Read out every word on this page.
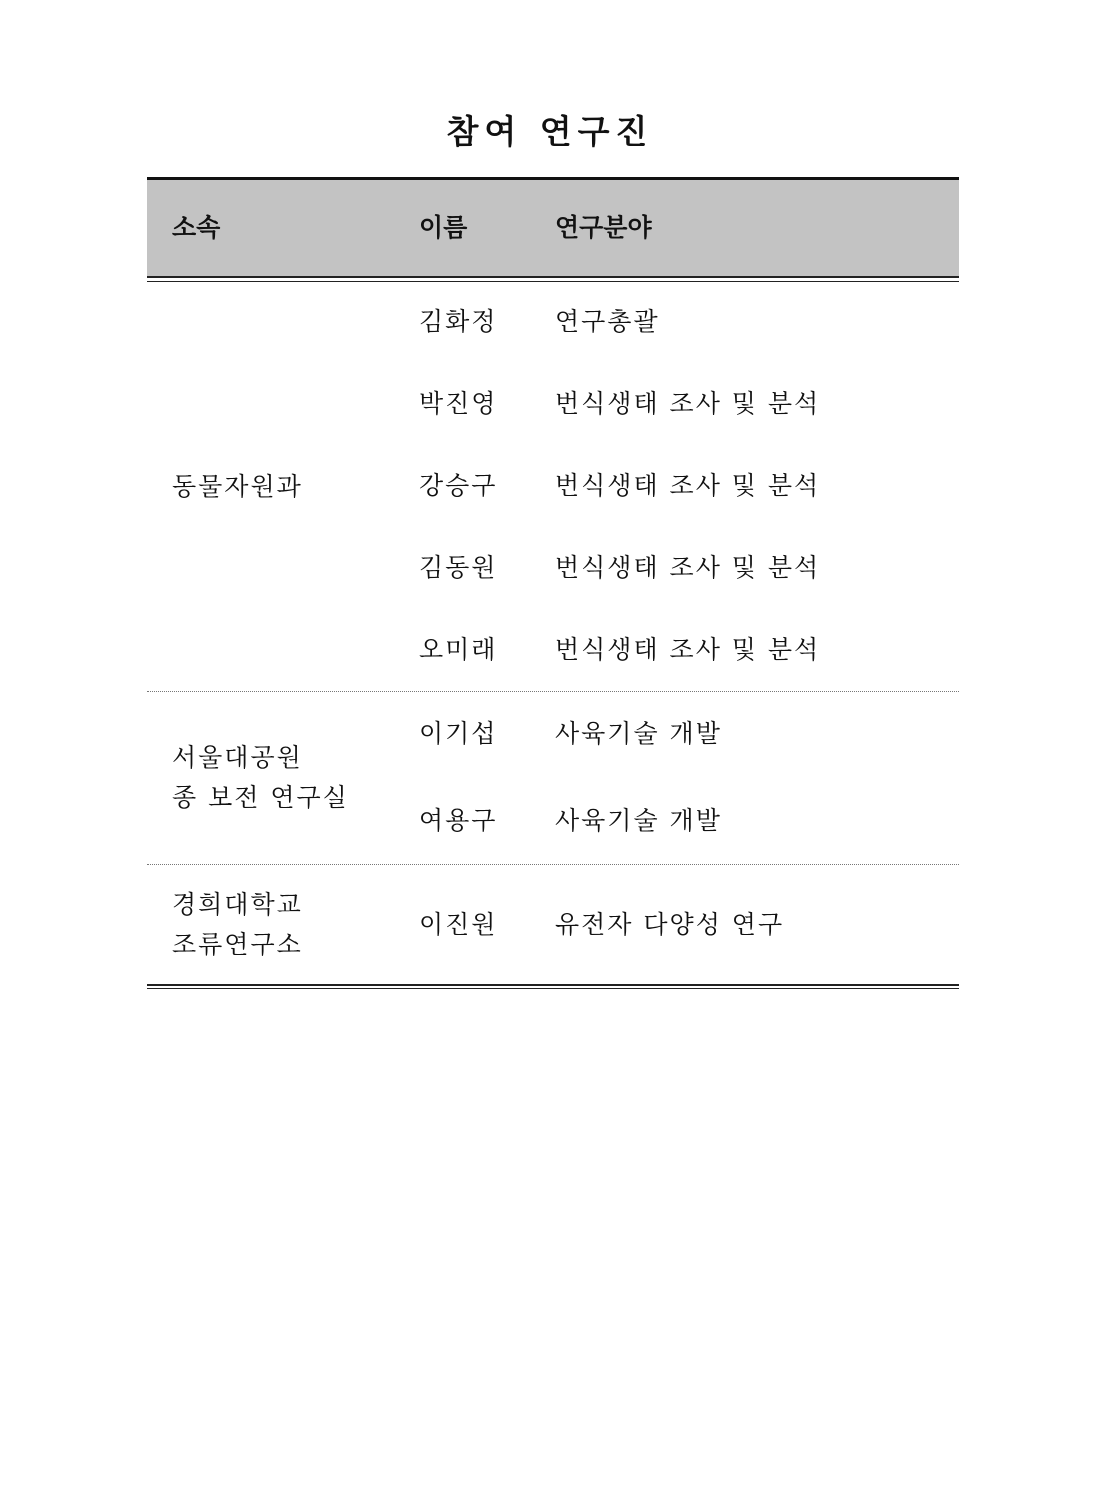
참여 연구진
소속	이름	연구분야
동물자원과
김화정 연구총괄
박진영 번식생태 조사 및 분석
강승구 번식생태 조사 및 분석
김동원 번식생태 조사 및 분석
오미래 번식생태 조사 및 분석
서울대공원
종 보전 연구실
이기섭 사육기술 개발
여용구 사육기술 개발
경희대학교
조류연구소
이진원 유전자 다양성 연구
